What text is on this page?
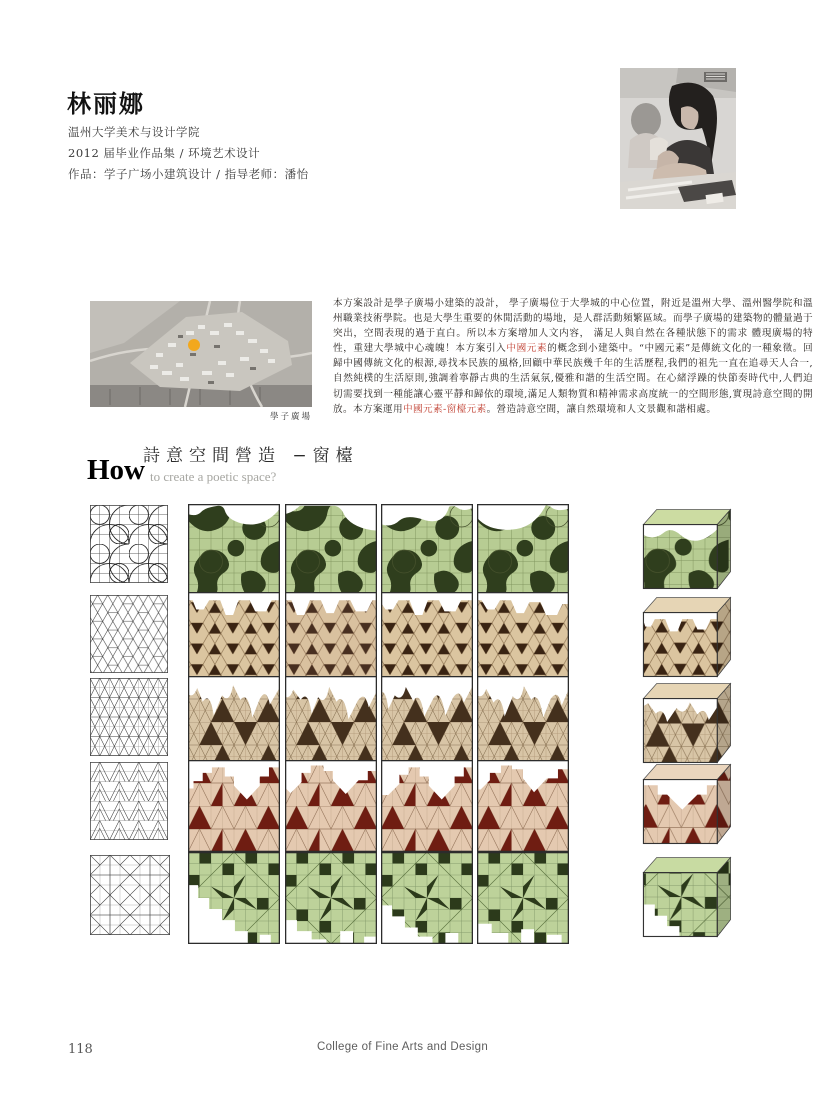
林丽娜
温州大学美术与设计学院
2012 届毕业作品集 / 环境艺术设计
作品：学子广场小建筑设计 / 指导老师：潘怡
學子廣場

本方案設計是學子廣場小建築的設計， 學子廣場位于大學城的中心位置，附近是溫州大學、溫州醫學院和溫州職業技術學院。也是大學生重要的休閒活動的場地，是人群活動頻繁區域。而學子廣場的建築物的體量過于突出，空間表現的過于直白。所以本方案增加人文内容， 滿足人與自然在各種狀態下的需求 體現廣場的特性，重建大學城中心魂魄！本方案引入中國元素的概念到小建築中。“中國元素”是傳統文化的一種象徵。回歸中國傳統文化的根源,尋找本民族的風格,回顧中華民族幾千年的生活歷程,我們的祖先一直在追尋天人合一,自然純樸的生活原則,強調着寧靜古典的生活氣氛,優雅和諧的生活空間。在心緒浮躁的快節奏時代中,人們迫切需要找到一種能讓心靈平靜和歸依的環境,滿足人類物質和精神需求高度統一的空間形態,實現詩意空間的開放。本方案運用中國元素-窗檯元素。營造詩意空間，讓自然環境和人文景觀和諧相處。

詩意空間營造 −窗檯
How to create a poetic space?
118	College of Fine Arts and Design
